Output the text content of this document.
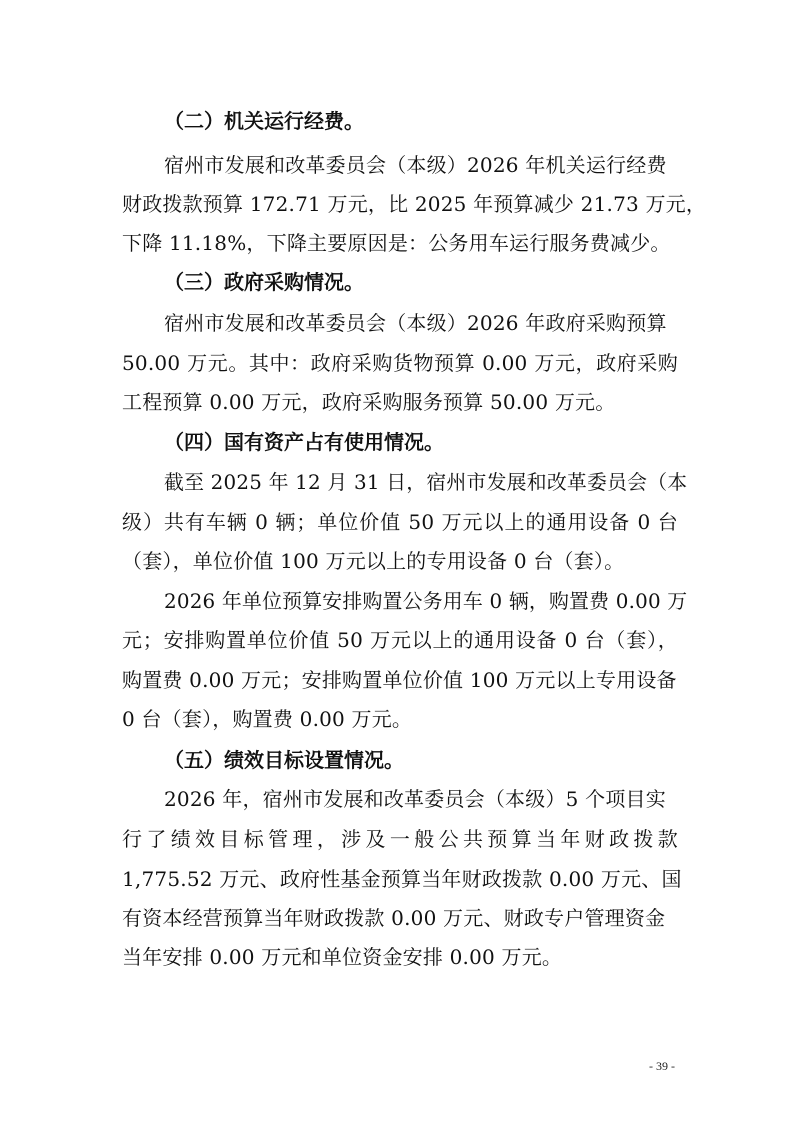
（二）机关运行经费。
宿州市发展和改革委员会（本级）2026 年机关运行经费
财政拨款预算 172.71 万元，比 2025 年预算减少 21.73 万元，
下降 11.18%，下降主要原因是：公务用车运行服务费减少。
（三）政府采购情况。
宿州市发展和改革委员会（本级）2026 年政府采购预算
50.00 万元。其中：政府采购货物预算 0.00 万元，政府采购
工程预算 0.00 万元，政府采购服务预算 50.00 万元。
（四）国有资产占有使用情况。
截至 2025 年 12 月 31 日，宿州市发展和改革委员会（本
级）共有车辆 0 辆；单位价值 50 万元以上的通用设备 0 台
（套），单位价值 100 万元以上的专用设备 0 台（套）。
2026 年单位预算安排购置公务用车 0 辆，购置费 0.00 万
元；安排购置单位价值 50 万元以上的通用设备 0 台（套），
购置费 0.00 万元；安排购置单位价值 100 万元以上专用设备
0 台（套），购置费 0.00 万元。
（五）绩效目标设置情况。
2026 年，宿州市发展和改革委员会（本级）5 个项目实
行了绩效目标管理，涉及一般公共预算当年财政拨款
1,775.52 万元、政府性基金预算当年财政拨款 0.00 万元、国
有资本经营预算当年财政拨款 0.00 万元、财政专户管理资金
当年安排 0.00 万元和单位资金安排 0.00 万元。
- 39 -
